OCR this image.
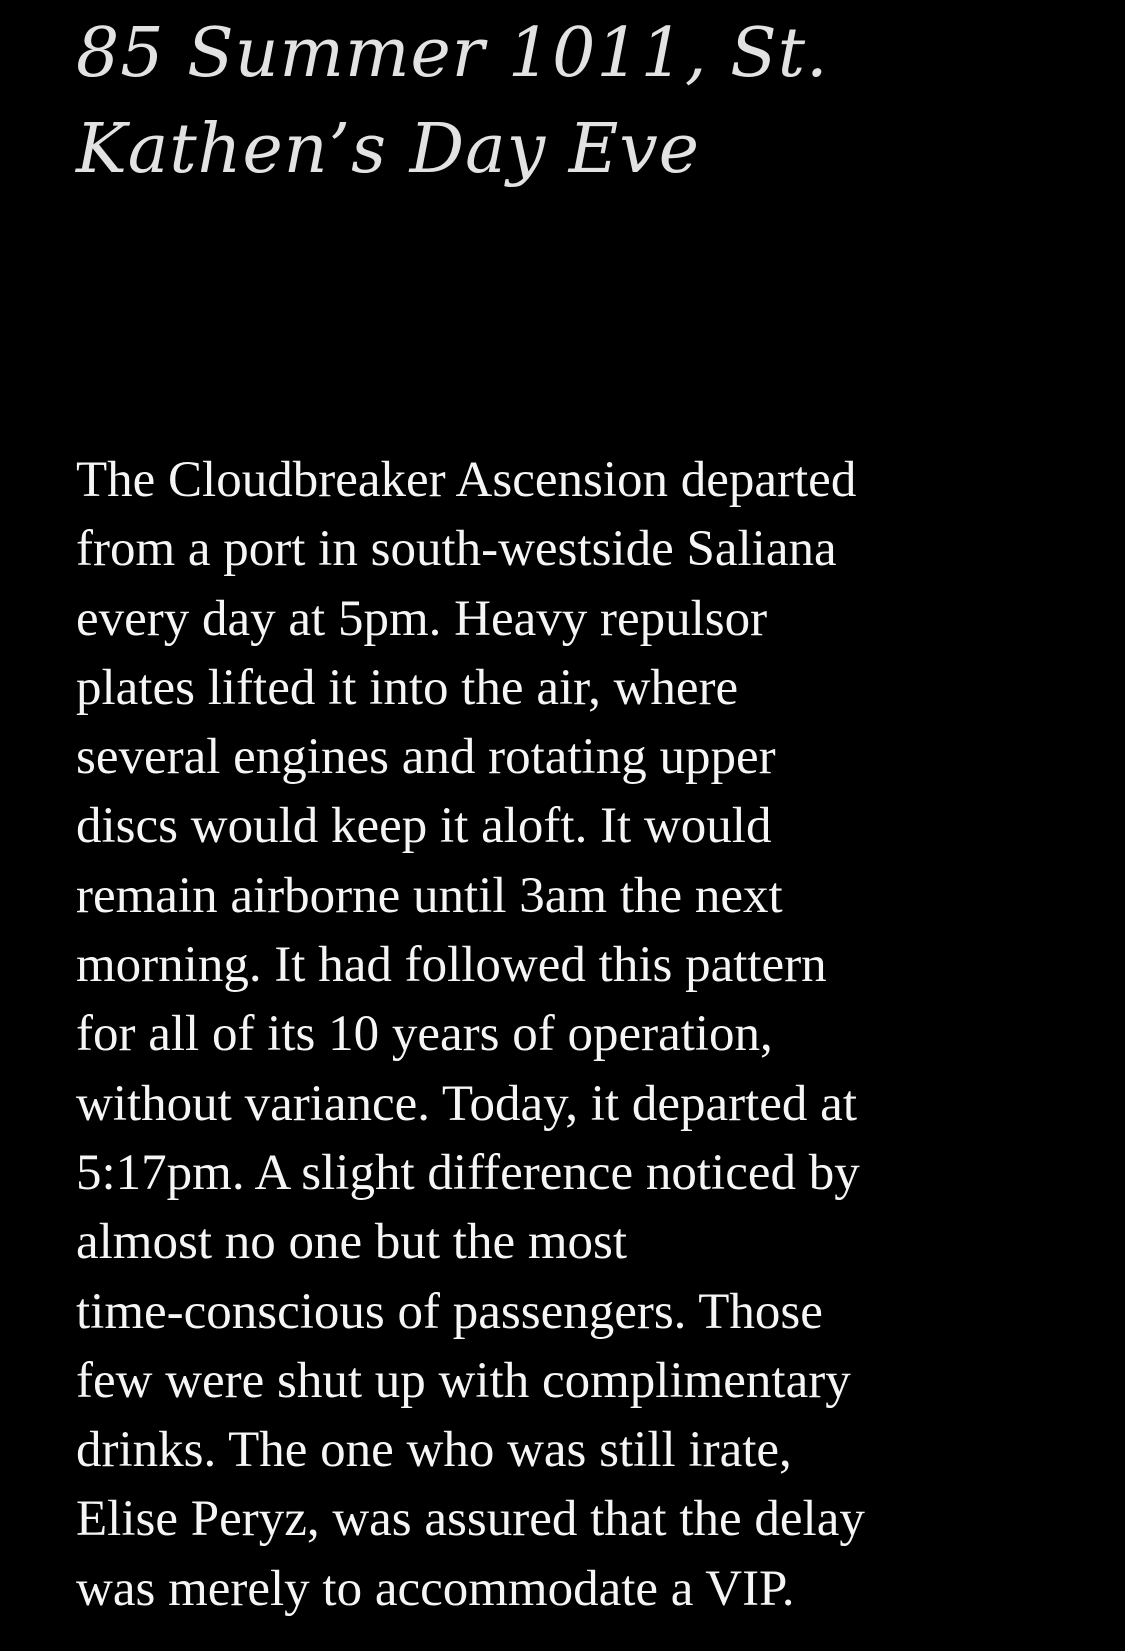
85 Summer 1011, St.
Kathen’s Day Eve
The Cloudbreaker Ascension departed
from a port in south-westside Saliana
every day at 5pm. Heavy repulsor
plates lifted it into the air, where
several engines and rotating upper
discs would keep it aloft. It would
remain airborne until 3am the next
morning. It had followed this pattern
for all of its 10 years of operation,
without variance. Today, it departed at
5:17pm. A slight difference noticed by
almost no one but the most
time-conscious of passengers. Those
few were shut up with complimentary
drinks. The one who was still irate,
Elise Peryz, was assured that the delay
was merely to accommodate a VIP.
